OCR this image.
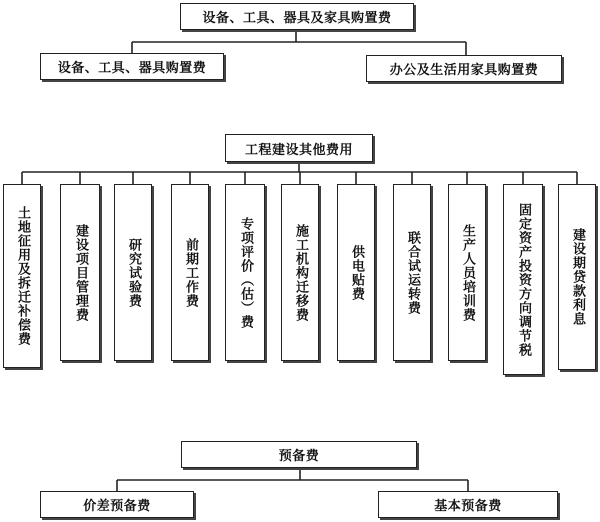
设备、工具、器具及家具购置费
设备、工具、器具购置费	办公及生活用家具购置费
工程建设其他费用
土地征用及拆迁补偿费	建设项目管理费	研究试验费	前期工作费	专项评价（估）费	施工机构迁移费	供电贴费	联合试运转费	生产人员培训费	固定资产投资方向调节税	建设期贷款利息
预备费
价差预备费	基本预备费
